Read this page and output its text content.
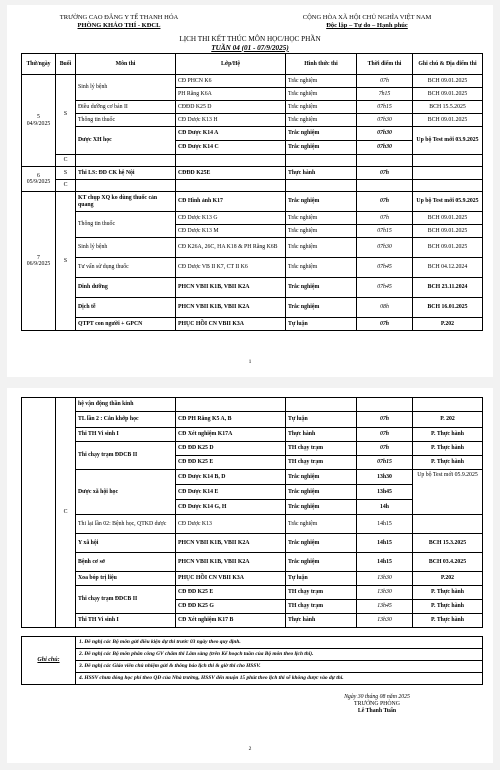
TRƯỜNG CAO ĐẲNG Y TẾ THANH HÓA
PHÒNG KHẢO THÍ - KĐCL
CỘNG HÒA XÃ HỘI CHỦ NGHĨA VIỆT NAM
Độc lập – Tự do – Hạnh phúc
LỊCH THI KẾT THÚC MÔN HỌC/HỌC PHẦN
TUẦN 04 (01 - 07/9/2025)
Thứ/ngày	Buổi	Môn thi	Lớp/Hệ	Hình thức thi	Thời điểm thi	Ghi chú & Địa điểm thi
5
04/9/2025	S	Sinh lý bệnh	CĐ PHCN K6	Trắc nghiệm	07h	BCH 09.01.2025
			PH Răng K6A	Trắc nghiệm	7h15	BCH 09.01.2025
		Điều dưỡng cơ bản II	CĐĐD K25 D	Trắc nghiệm	07h15	BCH 15.5.2025
		Thông tin thuốc	CĐ Dược K13 H	Trắc nghiệm	07h30	BCH 09.01.2025
		Dược XH học	CĐ Dược K14 A	Trắc nghiệm	07h30	Up bộ Test mới 03.9.2025
			CĐ Dược K14 C	Trắc nghiệm	07h30	
	C					
6
05/9/2025	S	Thi LS: ĐD CK hệ Nội	CĐĐD K25E	Thực hành	07h	
	C					
7
06/9/2025	S	KT chụp XQ ko dùng thuốc cản quang	CĐ Hình ảnh K17	Trắc nghiệm	07h	Up bộ Test mới 05.9.2025
		Thông tin thuốc	CĐ Dược K13 G	Trắc nghiệm	07h	BCH 09.01.2025
			CĐ Dược K13 M	Trắc nghiệm	07h15	BCH 09.01.2025
		Sinh lý bệnh	CĐ K26A, 26C, HA K18 & PH Răng K6B	Trắc nghiệm	07h30	BCH 09.01.2025
		Tư vấn sử dụng thuốc	CĐ Dược VB II K7, CT II K6	Trắc nghiệm	07h45	BCH 04.12.2024
		Dinh dưỡng	PHCN VBII K1B, VBII K2A	Trắc nghiệm	07h45	BCH 23.11.2024
		Dịch tễ	PHCN VBII K1B, VBII K2A	Trắc nghiệm	08h	BCH 16.01.2025
		QTPT con người + GPCN	PHỤC HỒI CN VBII K3A	Tự luận	07h	P.202
1
	C	hệ vận động thần kinh				
		TL lần 2 : Cẳn khớp học	CĐ PH Răng K5 A, B	Tự luận	07h	P. 202
		Thi TH Vi sinh I	CĐ Xét nghiệm K17A	Thực hành	07h	P. Thực hành
		Thi chạy trạm ĐDCB II	CĐ ĐD K25 D	TH chạy trạm	07h	P. Thực hành
			CĐ ĐD K25 E	TH chạy trạm	07h15	P. Thực hành
		Dược xã hội học	CĐ Dược K14 B, D	Trắc nghiệm	13h30	Up bộ Test mới 05.9.2025
			CĐ Dược K14 E	Trắc nghiệm	13h45	
			CĐ Dược K14 G, H	Trắc nghiệm	14h	
		Thi lại lần 02: Bệnh học, QTKD dược	CĐ Dược K13	Trắc nghiệm	14h15	
		Y xã hội	PHCN VBII K1B, VBII K2A	Trắc nghiệm	14h15	BCH 15.3.2025
		Bệnh cơ sở	PHCN VBII K1B, VBII K2A	Trắc nghiệm	14h15	BCH 03.4.2025
		Xoa bóp trị liệu	PHỤC HỒI CN VBII K3A	Tự luận	13h30	P.202
		Thi chạy trạm ĐDCB II	CĐ ĐD K25 E	TH chạy trạm	13h30	P. Thực hành
			CĐ ĐD K25 G	TH chạy trạm	13h45	P. Thực hành
		Thi TH Vi sinh I	CĐ Xét nghiệm K17 B	Thực hành	13h30	P. Thực hành
Ghi chú:	1. Đề nghị các Bộ môn gửi điều kiện dự thi trước 03 ngày theo quy định.
2. Đề nghị các Bộ môn phân công GV chấm thi Lâm sàng (trên Kế hoạch tuần của Bộ môn theo lịch thi).
3. Đề nghị các Giáo viên chủ nhiệm gửi & thông báo lịch thi & giờ thi cho HSSV.
4. HSSV chưa đóng học phí theo QĐ của Nhà trường, HSSV đến muộn 15 phút theo lịch thi sẽ không được vào dự thi.
Ngày 30 tháng 08 năm 2025
TRƯỞNG PHÒNG
Lê Thanh Tuấn
2
